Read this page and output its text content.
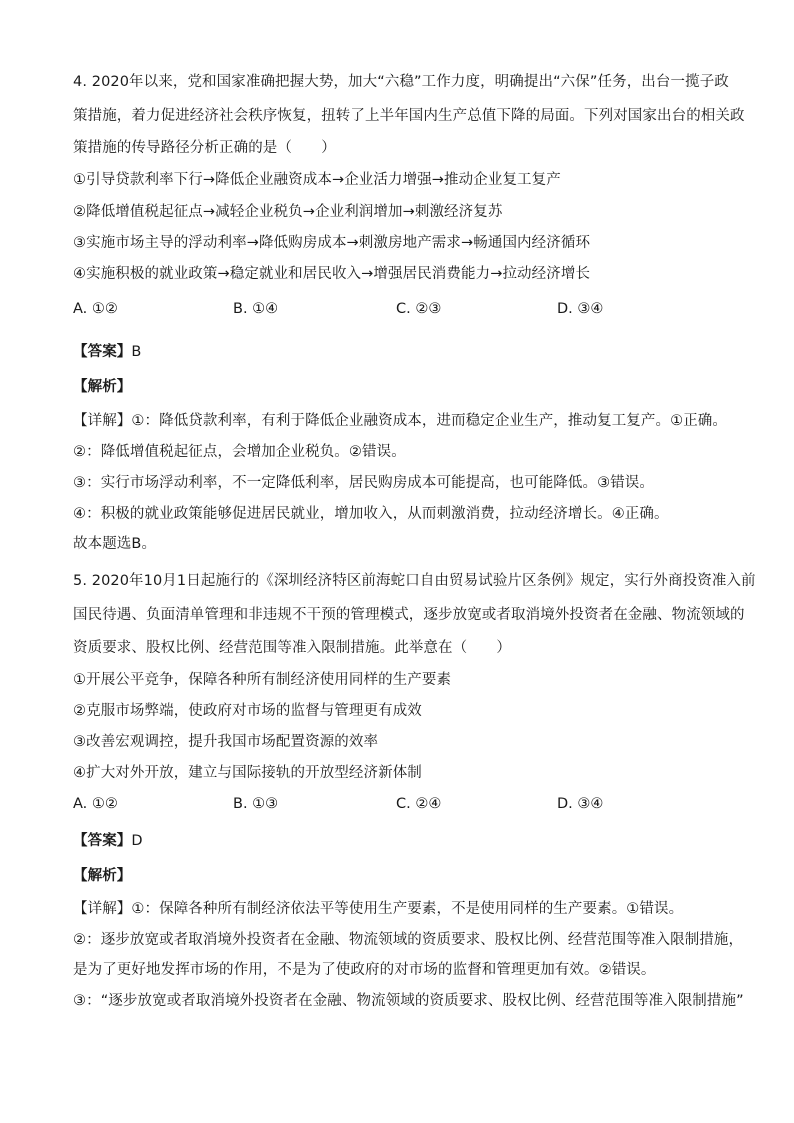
4. 2020年以来，党和国家准确把握大势，加大“六稳”工作力度，明确提出“六保”任务，出台一揽子政
策措施，着力促进经济社会秩序恢复，扭转了上半年国内生产总值下降的局面。下列对国家出台的相关政
策措施的传导路径分析正确的是（　　）
①引导贷款利率下行→降低企业融资成本→企业活力增强→推动企业复工复产
②降低增值税起征点→减轻企业税负→企业利润增加→刺激经济复苏
③实施市场主导的浮动利率→降低购房成本→刺激房地产需求→畅通国内经济循环
④实施积极的就业政策→稳定就业和居民收入→增强居民消费能力→拉动经济增长
A. ①②	B. ①④	C. ②③	D. ③④
【答案】B
【解析】
【详解】①：降低贷款利率，有利于降低企业融资成本，进而稳定企业生产，推动复工复产。①正确。
②：降低增值税起征点，会增加企业税负。②错误。
③：实行市场浮动利率，不一定降低利率，居民购房成本可能提高，也可能降低。③错误。
④：积极的就业政策能够促进居民就业，增加收入，从而刺激消费，拉动经济增长。④正确。
故本题选B。
5. 2020年10月1日起施行的《深圳经济特区前海蛇口自由贸易试验片区条例》规定，实行外商投资准入前
国民待遇、负面清单管理和非违规不干预的管理模式，逐步放宽或者取消境外投资者在金融、物流领域的
资质要求、股权比例、经营范围等准入限制措施。此举意在（　　）
①开展公平竞争，保障各种所有制经济使用同样的生产要素
②克服市场弊端，使政府对市场的监督与管理更有成效
③改善宏观调控，提升我国市场配置资源的效率
④扩大对外开放，建立与国际接轨的开放型经济新体制
A. ①②	B. ①③	C. ②④	D. ③④
【答案】D
【解析】
【详解】①：保障各种所有制经济依法平等使用生产要素，不是使用同样的生产要素。①错误。
②：逐步放宽或者取消境外投资者在金融、物流领域的资质要求、股权比例、经营范围等准入限制措施，
是为了更好地发挥市场的作用，不是为了使政府的对市场的监督和管理更加有效。②错误。
③：“逐步放宽或者取消境外投资者在金融、物流领域的资质要求、股权比例、经营范围等准入限制措施”
